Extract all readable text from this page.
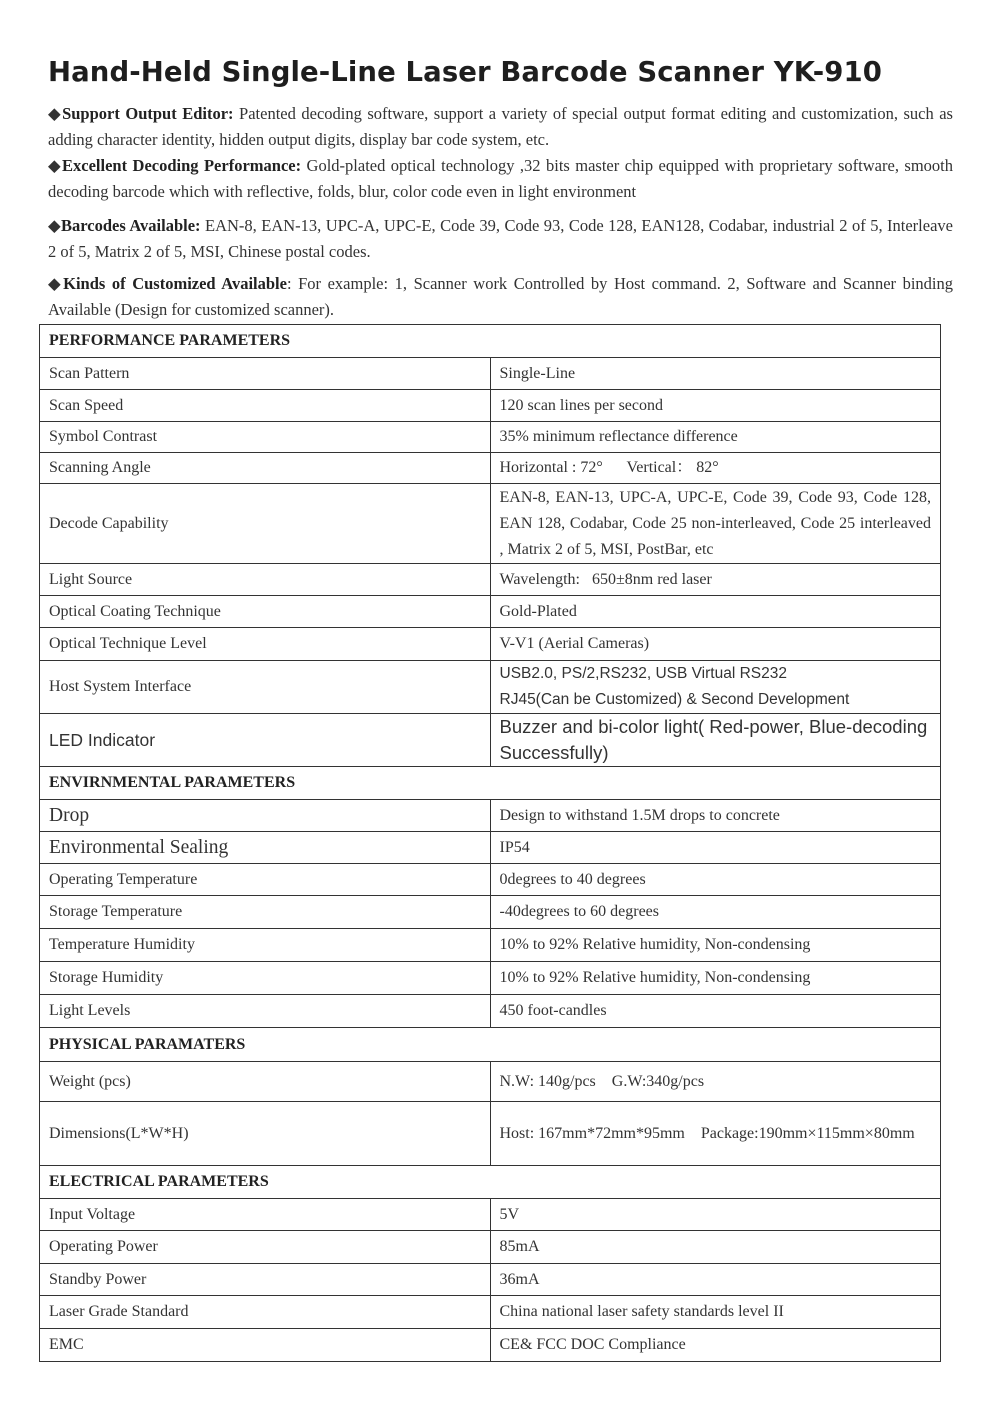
Hand-Held Single-Line Laser Barcode Scanner YK-910

◆Support Output Editor: Patented decoding software, support a variety of special output format editing and customization, such as adding character identity, hidden output digits, display bar code system, etc.

◆Excellent Decoding Performance: Gold-plated optical technology ,32 bits master chip equipped with proprietary software, smooth decoding barcode which with reflective, folds, blur, color code even in light environment

◆Barcodes Available: EAN-8, EAN-13, UPC-A, UPC-E, Code 39, Code 93, Code 128, EAN128, Codabar, industrial 2 of 5, Interleave 2 of 5, Matrix 2 of 5, MSI, Chinese postal codes.

◆Kinds of Customized Available: For example: 1, Scanner work Controlled by Host command. 2, Software and Scanner binding Available (Design for customized scanner).

PERFORMANCE PARAMETERS	
Scan Pattern	Single-Line
Scan Speed	120 scan lines per second
Symbol Contrast	35% minimum reflectance difference
Scanning Angle	Horizontal : 72°      Vertical： 82°
Decode Capability	EAN-8, EAN-13, UPC-A, UPC-E, Code 39, Code 93, Code 128, EAN 128, Codabar, Code 25 non-interleaved, Code 25 interleaved , Matrix 2 of 5, MSI, PostBar, etc
Light Source	Wavelength:   650±8nm red laser
Optical Coating Technique	Gold-Plated
Optical Technique Level	V-V1 (Aerial Cameras)
Host System Interface	USB2.0, PS/2,RS232, USB Virtual RS232
RJ45(Can be Customized) & Second Development

LED Indicator	Buzzer and bi-color light( Red-power, Blue-decoding Successfully)
ENVIRNMENTAL PARAMETERS	
Drop	Design to withstand 1.5M drops to concrete
Environmental Sealing	IP54
Operating Temperature	0degrees to 40 degrees
Storage Temperature	-40degrees to 60 degrees
Temperature Humidity	10% to 92% Relative humidity, Non-condensing
Storage Humidity	10% to 92% Relative humidity, Non-condensing
Light Levels	450 foot-candles
PHYSICAL PARAMATERS	
Weight (pcs)	N.W: 140g/pcs    G.W:340g/pcs
Dimensions(L*W*H)	Host: 167mm*72mm*95mm    Package:190mm×115mm×80mm
ELECTRICAL PARAMETERS	
Input Voltage	5V
Operating Power	85mA
Standby Power	36mA
Laser Grade Standard	China national laser safety standards level II
EMC	CE& FCC DOC Compliance
